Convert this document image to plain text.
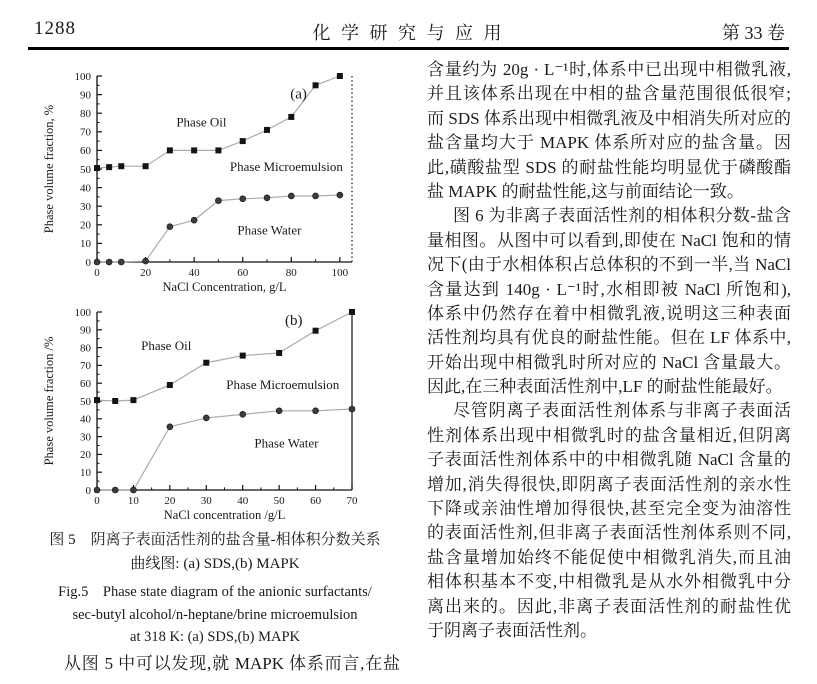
1288	化 学 研 究 与 应 用	第 33 卷
0	20	40	60	80	100
0
10
20
30
40
50
60
70
80
90
100
Phase Oil
(a)
Phase Microemulsion
Phase Water
NaCl Concentration, g/L
Phase volume fraction, %
0	10 20 30 40 50 60 70
0
10
20
30
40
50
60
70
80
90
100
Phase Oil
(b)
Phase Microemulsion
Phase Water
NaCl concentration /g/L
Phase volume fraction /%
图 5　阴离子表面活性剂的盐含量-相体积分数关系
曲线图: (a) SDS,(b) MAPK
Fig.5　Phase state diagram of the anionic surfactants/
sec-butyl alcohol/n-heptane/brine microemulsion
at 318 K: (a) SDS,(b) MAPK
从图 5 中可以发现,就 MAPK 体系而言,在盐
含量约为 20g · L⁻¹时,体系中已出现中相微乳液,
并且该体系出现在中相的盐含量范围很低很窄;
而 SDS 体系出现中相微乳液及中相消失所对应的
盐含量均大于 MAPK 体系所对应的盐含量。因
此,磺酸盐型 SDS 的耐盐性能均明显优于磷酸酯
盐 MAPK 的耐盐性能,这与前面结论一致。
图 6 为非离子表面活性剂的相体积分数-盐含
量相图。从图中可以看到,即使在 NaCl 饱和的情
况下(由于水相体积占总体积的不到一半,当 NaCl
含量达到 140g · L⁻¹时,水相即被 NaCl 所饱和),
体系中仍然存在着中相微乳液,说明这三种表面
活性剂均具有优良的耐盐性能。但在 LF 体系中,
开始出现中相微乳时所对应的 NaCl 含量最大。
因此,在三种表面活性剂中,LF 的耐盐性能最好。
尽管阴离子表面活性剂体系与非离子表面活
性剂体系出现中相微乳时的盐含量相近,但阴离
子表面活性剂体系中的中相微乳随 NaCl 含量的
增加,消失得很快,即阴离子表面活性剂的亲水性
下降或亲油性增加得很快,甚至完全变为油溶性
的表面活性剂,但非离子表面活性剂体系则不同,
盐含量增加始终不能促使中相微乳消失,而且油
相体积基本不变,中相微乳是从水外相微乳中分
离出来的。因此,非离子表面活性剂的耐盐性优
于阴离子表面活性剂。
